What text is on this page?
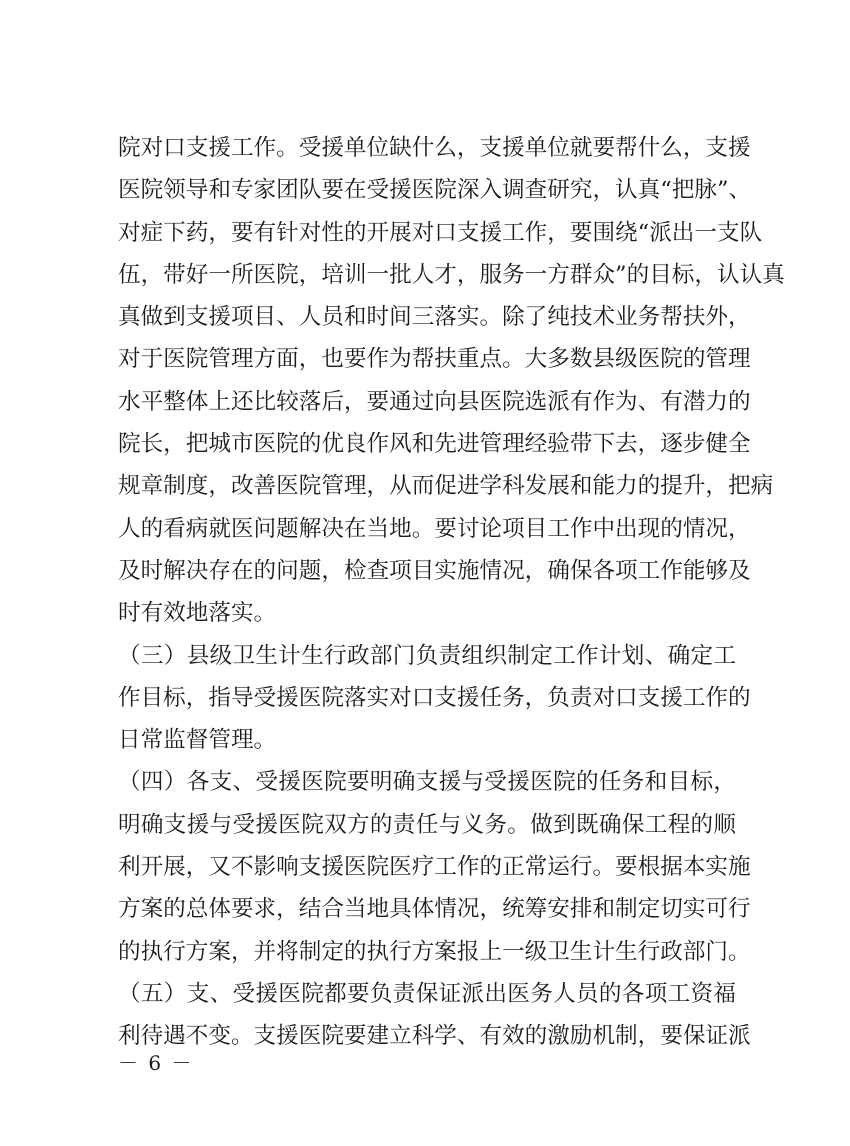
院对口支援工作。受援单位缺什么，支援单位就要帮什么，支援
医院领导和专家团队要在受援医院深入调查研究，认真“把脉”、
对症下药，要有针对性的开展对口支援工作，要围绕“派出一支队
伍，带好一所医院，培训一批人才，服务一方群众”的目标，认认真
真做到支援项目、人员和时间三落实。除了纯技术业务帮扶外，
对于医院管理方面，也要作为帮扶重点。大多数县级医院的管理
水平整体上还比较落后，要通过向县医院选派有作为、有潜力的
院长，把城市医院的优良作风和先进管理经验带下去，逐步健全
规章制度，改善医院管理，从而促进学科发展和能力的提升，把病
人的看病就医问题解决在当地。要讨论项目工作中出现的情况，
及时解决存在的问题，检查项目实施情况，确保各项工作能够及
时有效地落实。
（三）县级卫生计生行政部门负责组织制定工作计划、确定工
作目标，指导受援医院落实对口支援任务，负责对口支援工作的
日常监督管理。
（四）各支、受援医院要明确支援与受援医院的任务和目标，
明确支援与受援医院双方的责任与义务。做到既确保工程的顺
利开展，又不影响支援医院医疗工作的正常运行。要根据本实施
方案的总体要求，结合当地具体情况，统筹安排和制定切实可行
的执行方案，并将制定的执行方案报上一级卫生计生行政部门。
（五）支、受援医院都要负责保证派出医务人员的各项工资福
利待遇不变。支援医院要建立科学、有效的激励机制，要保证派
－ 6 －
